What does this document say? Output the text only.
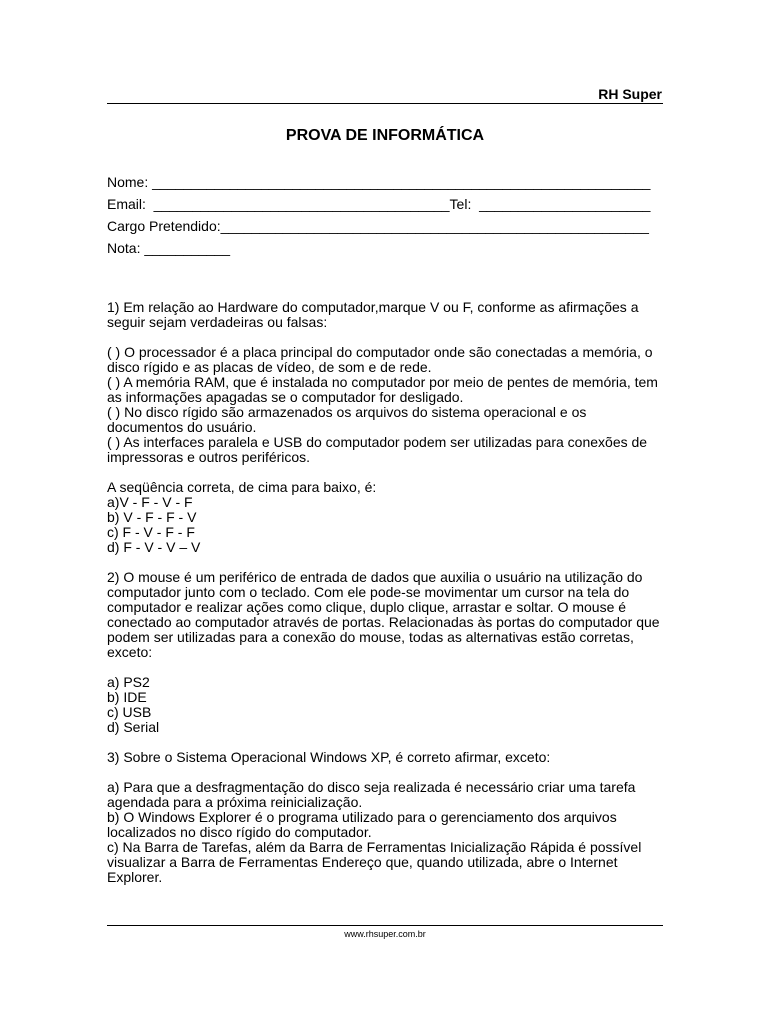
RH Super
PROVA DE INFORMÁTICA
Nome: ________________________________________________________________
Email:  ______________________________________Tel:  ______________________
Cargo Pretendido:_______________________________________________________
Nota: ___________
1) Em relação ao Hardware do computador,marque V ou F, conforme as afirmações a
seguir sejam verdadeiras ou falsas:
( ) O processador é a placa principal do computador onde são conectadas a memória, o
disco rígido e as placas de vídeo, de som e de rede.
( ) A memória RAM, que é instalada no computador por meio de pentes de memória, tem
as informações apagadas se o computador for desligado.
( ) No disco rígido são armazenados os arquivos do sistema operacional e os
documentos do usuário.
( ) As interfaces paralela e USB do computador podem ser utilizadas para conexões de
impressoras e outros periféricos.
A seqüência correta, de cima para baixo, é:
a)V - F - V - F
b) V - F - F - V
c) F - V - F - F
d) F - V - V – V
2) O mouse é um periférico de entrada de dados que auxilia o usuário na utilização do
computador junto com o teclado. Com ele pode-se movimentar um cursor na tela do
computador e realizar ações como clique, duplo clique, arrastar e soltar. O mouse é
conectado ao computador através de portas. Relacionadas às portas do computador que
podem ser utilizadas para a conexão do mouse, todas as alternativas estão corretas,
exceto:
a) PS2
b) IDE
c) USB
d) Serial
3) Sobre o Sistema Operacional Windows XP, é correto afirmar, exceto:
a) Para que a desfragmentação do disco seja realizada é necessário criar uma tarefa
agendada para a próxima reinicialização.
b) O Windows Explorer é o programa utilizado para o gerenciamento dos arquivos
localizados no disco rígido do computador.
c) Na Barra de Tarefas, além da Barra de Ferramentas Inicialização Rápida é possível
visualizar a Barra de Ferramentas Endereço que, quando utilizada, abre o Internet
Explorer.
www.rhsuper.com.br
